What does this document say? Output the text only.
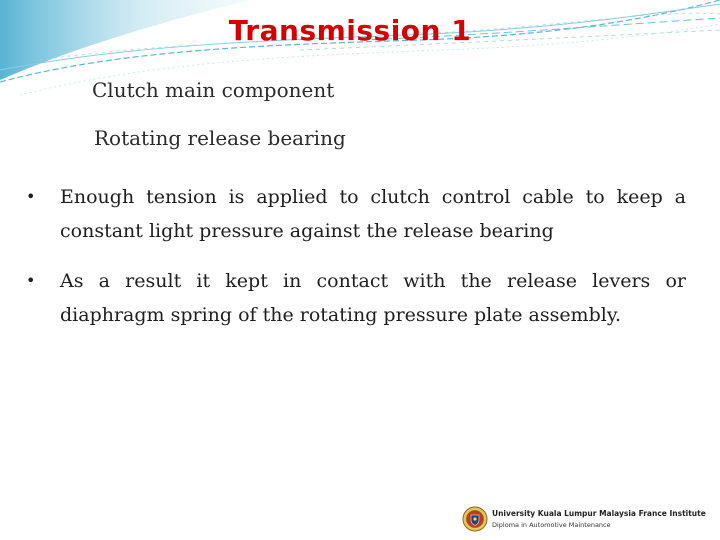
Transmission 1
Clutch main component
Rotating release bearing
•	Enough tension is applied to clutch control cable to keep a constant light pressure against the release bearing
•	As a result it kept in contact with the release levers or diaphragm spring of the rotating pressure plate assembly.
University Kuala Lumpur Malaysia France Institute
Diploma in Automotive Maintenance
